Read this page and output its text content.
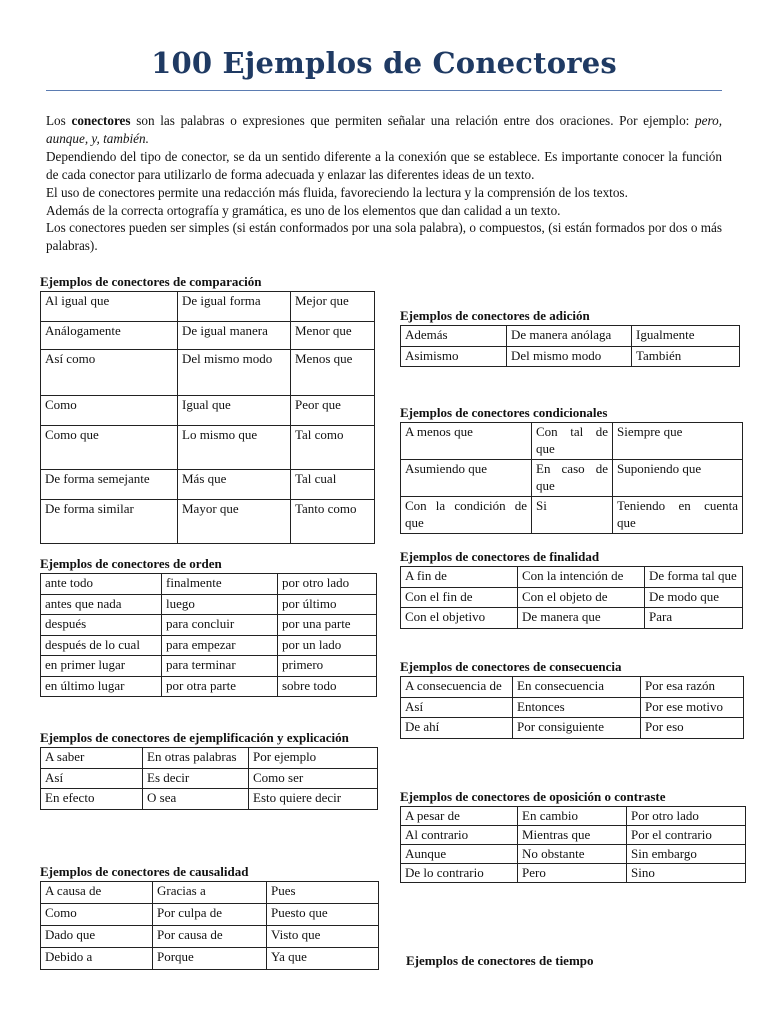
100 Ejemplos de Conectores

Los conectores son las palabras o expresiones que permiten señalar una relación entre dos oraciones. Por ejemplo: pero, aunque, y, también.

Dependiendo del tipo de conector, se da un sentido diferente a la conexión que se establece. Es importante conocer la función de cada conector para utilizarlo de forma adecuada y enlazar las diferentes ideas de un texto.

El uso de conectores permite una redacción más fluida, favoreciendo la lectura y la comprensión de los textos.

Además de la correcta ortografía y gramática, es uno de los elementos que dan calidad a un texto.

Los conectores pueden ser simples (si están conformados por una sola palabra), o compuestos, (si están formados por dos o más palabras).

Ejemplos de conectores de comparación
Al igual que	De igual forma	Mejor que
Análogamente	De igual manera	Menor que
Así como	Del mismo modo	Menos que
Como	Igual que	Peor que
Como que	Lo mismo que	Tal como
De forma semejante	Más que	Tal cual
De forma similar	Mayor que	Tanto como
Ejemplos de conectores de orden
ante todo	finalmente	por otro lado
antes que nada	luego	por último
después	para concluir	por una parte
después de lo cual	para empezar	por un lado
en primer lugar	para terminar	primero
en último lugar	por otra parte	sobre todo
Ejemplos de conectores de ejemplificación y explicación
A saber	En otras palabras	Por ejemplo
Así	Es decir	Como ser
En efecto	O sea	Esto quiere decir
Ejemplos de conectores de causalidad
A causa de	Gracias a	Pues
Como	Por culpa de	Puesto que
Dado que	Por causa de	Visto que
Debido a	Porque	Ya que
Ejemplos de conectores de adición
Además	De manera anólaga	Igualmente
Asimismo	Del mismo modo	También
Ejemplos de conectores condicionales
A menos que	Con tal de que	Siempre que
Asumiendo que	En caso de que	Suponiendo que
Con la condición de que	Si	Teniendo en cuenta que
Ejemplos de conectores de finalidad
A fin de	Con la intención de	De forma tal que
Con el fin de	Con el objeto de	De modo que
Con el objetivo	De manera que	Para
Ejemplos de conectores de consecuencia
A consecuencia de	En consecuencia	Por esa razón
Así	Entonces	Por ese motivo
De ahí	Por consiguiente	Por eso
Ejemplos de conectores de oposición o contraste
A pesar de	En cambio	Por otro lado
Al contrario	Mientras que	Por el contrario
Aunque	No obstante	Sin embargo
De lo contrario	Pero	Sino
Ejemplos de conectores de tiempo
